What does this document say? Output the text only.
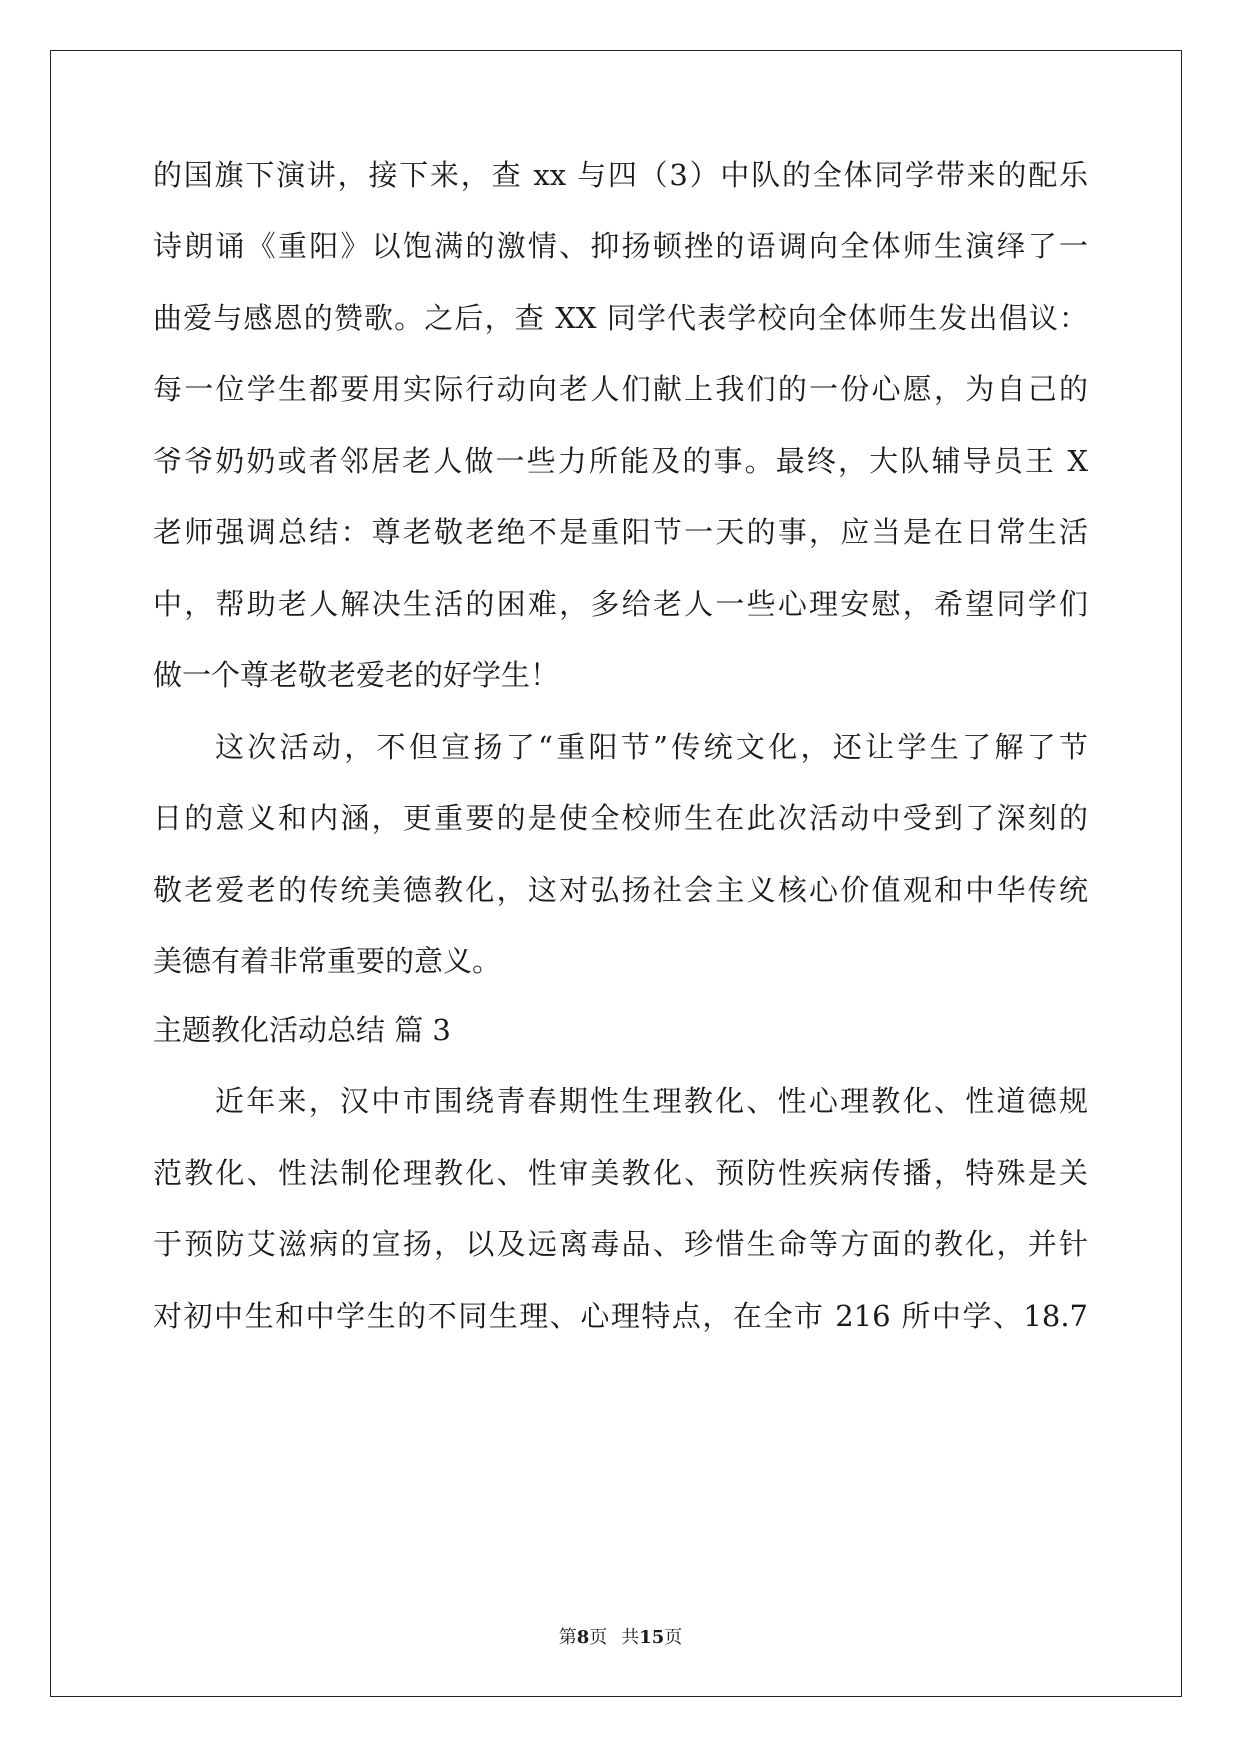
的国旗下演讲，接下来，查 xx 与四（3）中队的全体同学带来的配乐
诗朗诵《重阳》以饱满的激情、抑扬顿挫的语调向全体师生演绎了一
曲爱与感恩的赞歌。之后，查 XX 同学代表学校向全体师生发出倡议：
每一位学生都要用实际行动向老人们献上我们的一份心愿，为自己的
爷爷奶奶或者邻居老人做一些力所能及的事。最终，大队辅导员王 X
老师强调总结：尊老敬老绝不是重阳节一天的事，应当是在日常生活
中，帮助老人解决生活的困难，多给老人一些心理安慰，希望同学们
做一个尊老敬老爱老的好学生！
这次活动，不但宣扬了“重阳节”传统文化，还让学生了解了节
日的意义和内涵，更重要的是使全校师生在此次活动中受到了深刻的
敬老爱老的传统美德教化，这对弘扬社会主义核心价值观和中华传统
美德有着非常重要的意义。
主题教化活动总结 篇 3
近年来，汉中市围绕青春期性生理教化、性心理教化、性道德规
范教化、性法制伦理教化、性审美教化、预防性疾病传播，特殊是关
于预防艾滋病的宣扬，以及远离毒品、珍惜生命等方面的教化，并针
对初中生和中学生的不同生理、心理特点，在全市 216 所中学、18.7
第8页 共15页
